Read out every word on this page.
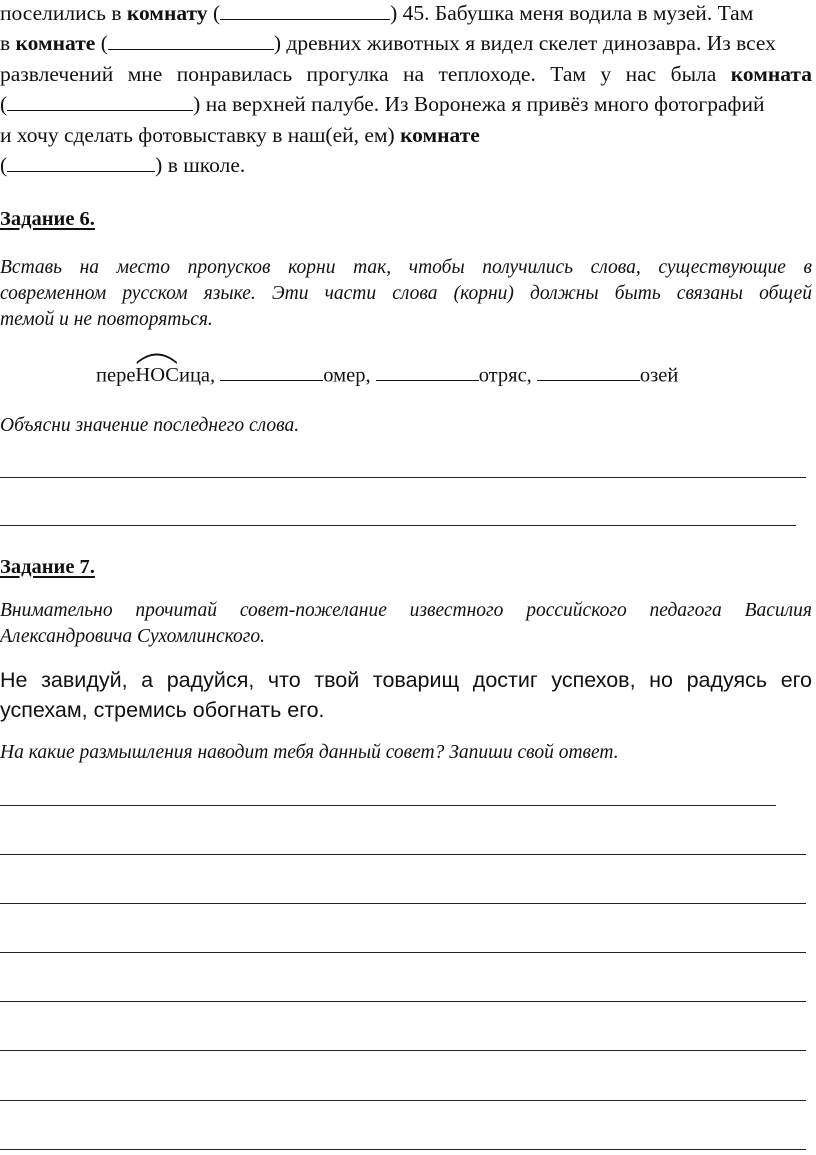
поселились в комнату (	) 45. Бабушка меня водила в музей. Там
в комнате (	) древних животных я видел скелет динозавра. Из всех
развлечений мне понравилась прогулка на теплоходе. Там у нас была комната
(	) на верхней палубе. Из Воронежа я привёз много фотографий
и хочу сделать фотовыставку в наш(ей, ем) комнате
(	) в школе.
Задание 6.
Вставь на место пропусков корни так, чтобы получились слова, существующие в
современном русском языке. Эти части слова (корни) должны быть связаны общей
темой и не повторяться.
пере
НОСица,	омер,	отряс,	озей
Объясни значение последнего слова.
Задание 7.
Внимательно прочитай совет-пожелание известного российского педагога Василия
Александровича Сухомлинского.
Не завидуй, а радуйся, что твой товарищ достиг успехов, но радуясь его
успехам, стремись обогнать его.
На какие размышления наводит тебя данный совет? Запиши свой ответ.
